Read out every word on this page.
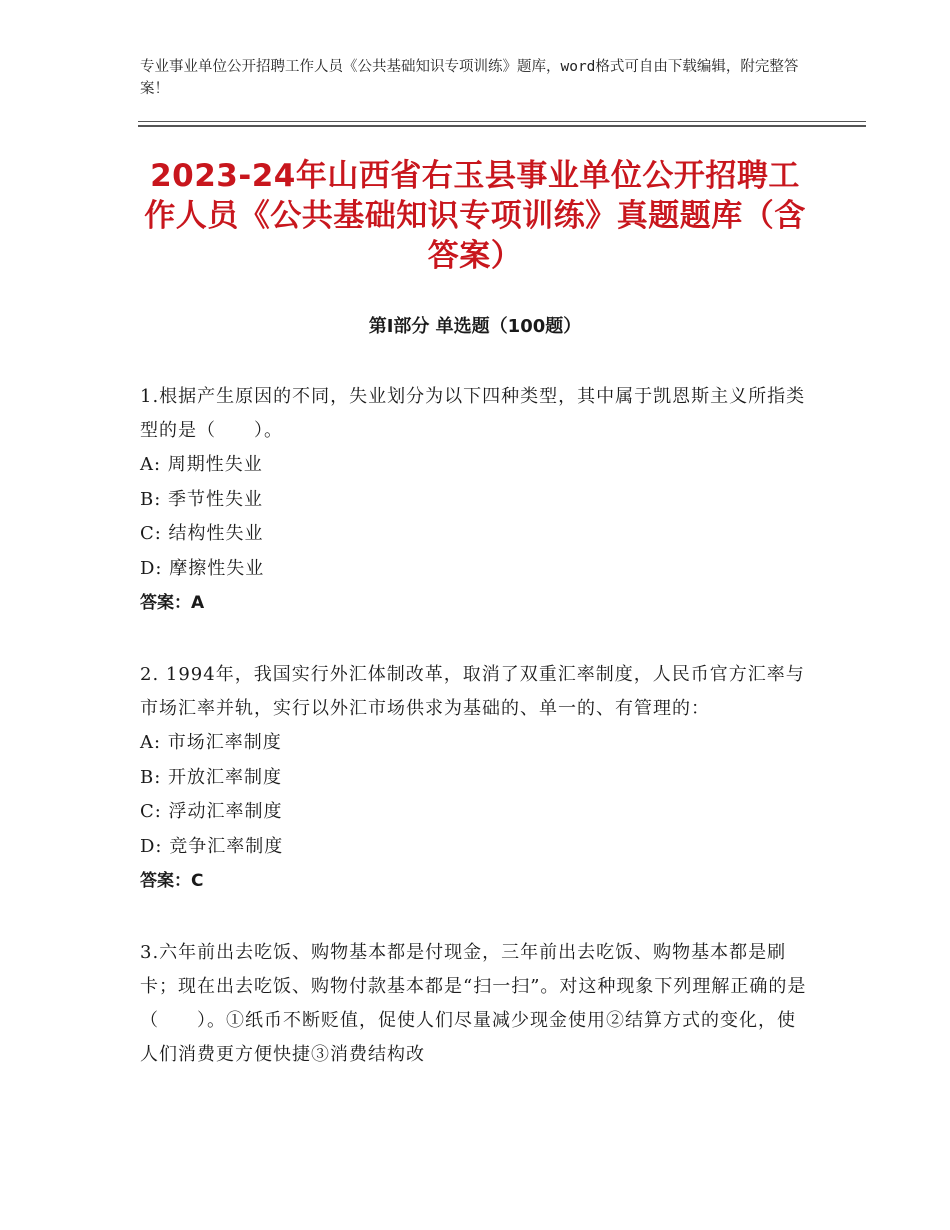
专业事业单位公开招聘工作人员《公共基础知识专项训练》题库，word格式可自由下载编辑，附完整答案！
2023-24年山西省右玉县事业单位公开招聘工作人员《公共基础知识专项训练》真题题库（含答案）
第Ⅰ部分 单选题（100题）
1.根据产生原因的不同，失业划分为以下四种类型，其中属于凯恩斯主义所指类型的是（　　）。
A: 周期性失业
B: 季节性失业
C: 结构性失业
D: 摩擦性失业
答案：A
2. 1994年，我国实行外汇体制改革，取消了双重汇率制度，人民币官方汇率与市场汇率并轨，实行以外汇市场供求为基础的、单一的、有管理的：
A: 市场汇率制度
B: 开放汇率制度
C: 浮动汇率制度
D: 竞争汇率制度
答案：C
3.六年前出去吃饭、购物基本都是付现金，三年前出去吃饭、购物基本都是刷卡；现在出去吃饭、购物付款基本都是“扫一扫”。对这种现象下列理解正确的是（　　）。①纸币不断贬值，促使人们尽量减少现金使用②结算方式的变化，使人们消费更方便快捷③消费结构改
